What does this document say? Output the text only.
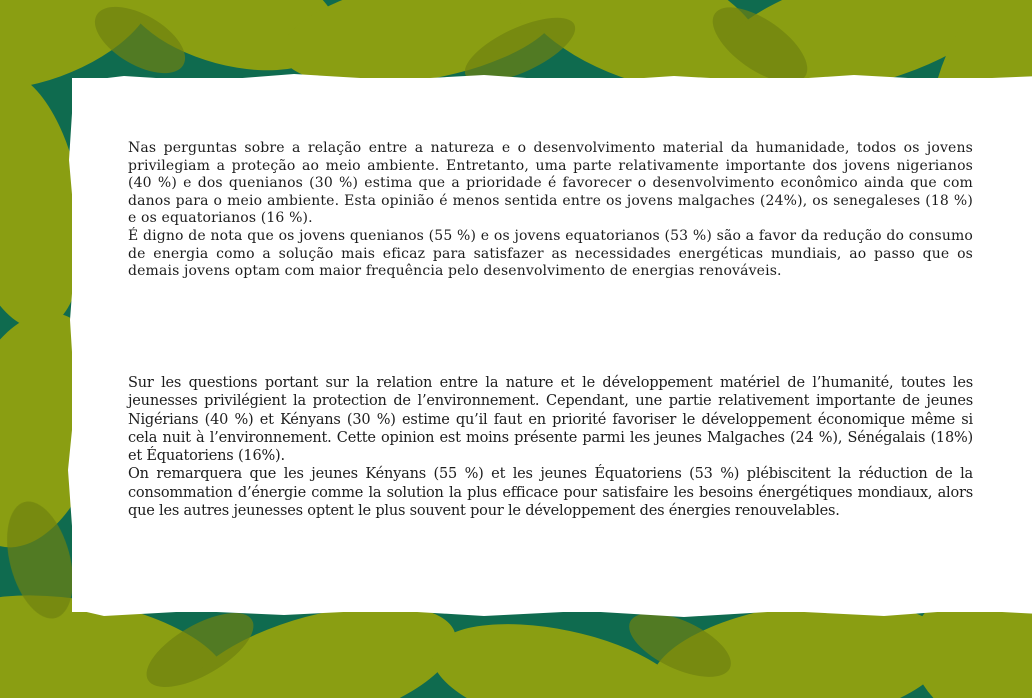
Nas perguntas sobre a relação entre a natureza e o desenvolvimento material da humanidade, todos os jovens privilegiam a proteção ao meio ambiente. Entretanto, uma parte relativamente importante dos jovens nigerianos (40 %) e dos quenianos (30 %) estima que a prioridade é favorecer o desenvolvimento econômico ainda que com danos para o meio ambiente. Esta opinião é menos sentida entre os jovens malgaches (24%), os senegaleses (18 %) e os equatorianos (16 %).

É digno de nota que os jovens quenianos (55 %) e os jovens equatorianos (53 %) são a favor da redução do consumo de energia como a solução mais eficaz para satisfazer as necessidades energéticas mundiais, ao passo que os demais jovens optam com maior frequência pelo desenvolvimento de energias renováveis.

Sur les questions portant sur la relation entre la nature et le développement matériel de l’humanité, toutes les jeunesses privilégient la protection de l’environnement. Cependant, une partie relativement importante de jeunes Nigérians (40 %) et Kényans (30 %) estime qu’il faut en priorité favoriser le développement économique même si cela nuit à l’environnement. Cette opinion est moins présente parmi les jeunes Malgaches (24 %), Sénégalais (18%) et Équatoriens (16%).

On remarquera que les jeunes Kényans (55 %) et les jeunes Équatoriens (53 %) plébiscitent la réduction de la consommation d’énergie comme la solution la plus efficace pour satisfaire les besoins énergétiques mondiaux, alors que les autres jeunesses optent le plus souvent pour le développement des énergies renouvelables.
